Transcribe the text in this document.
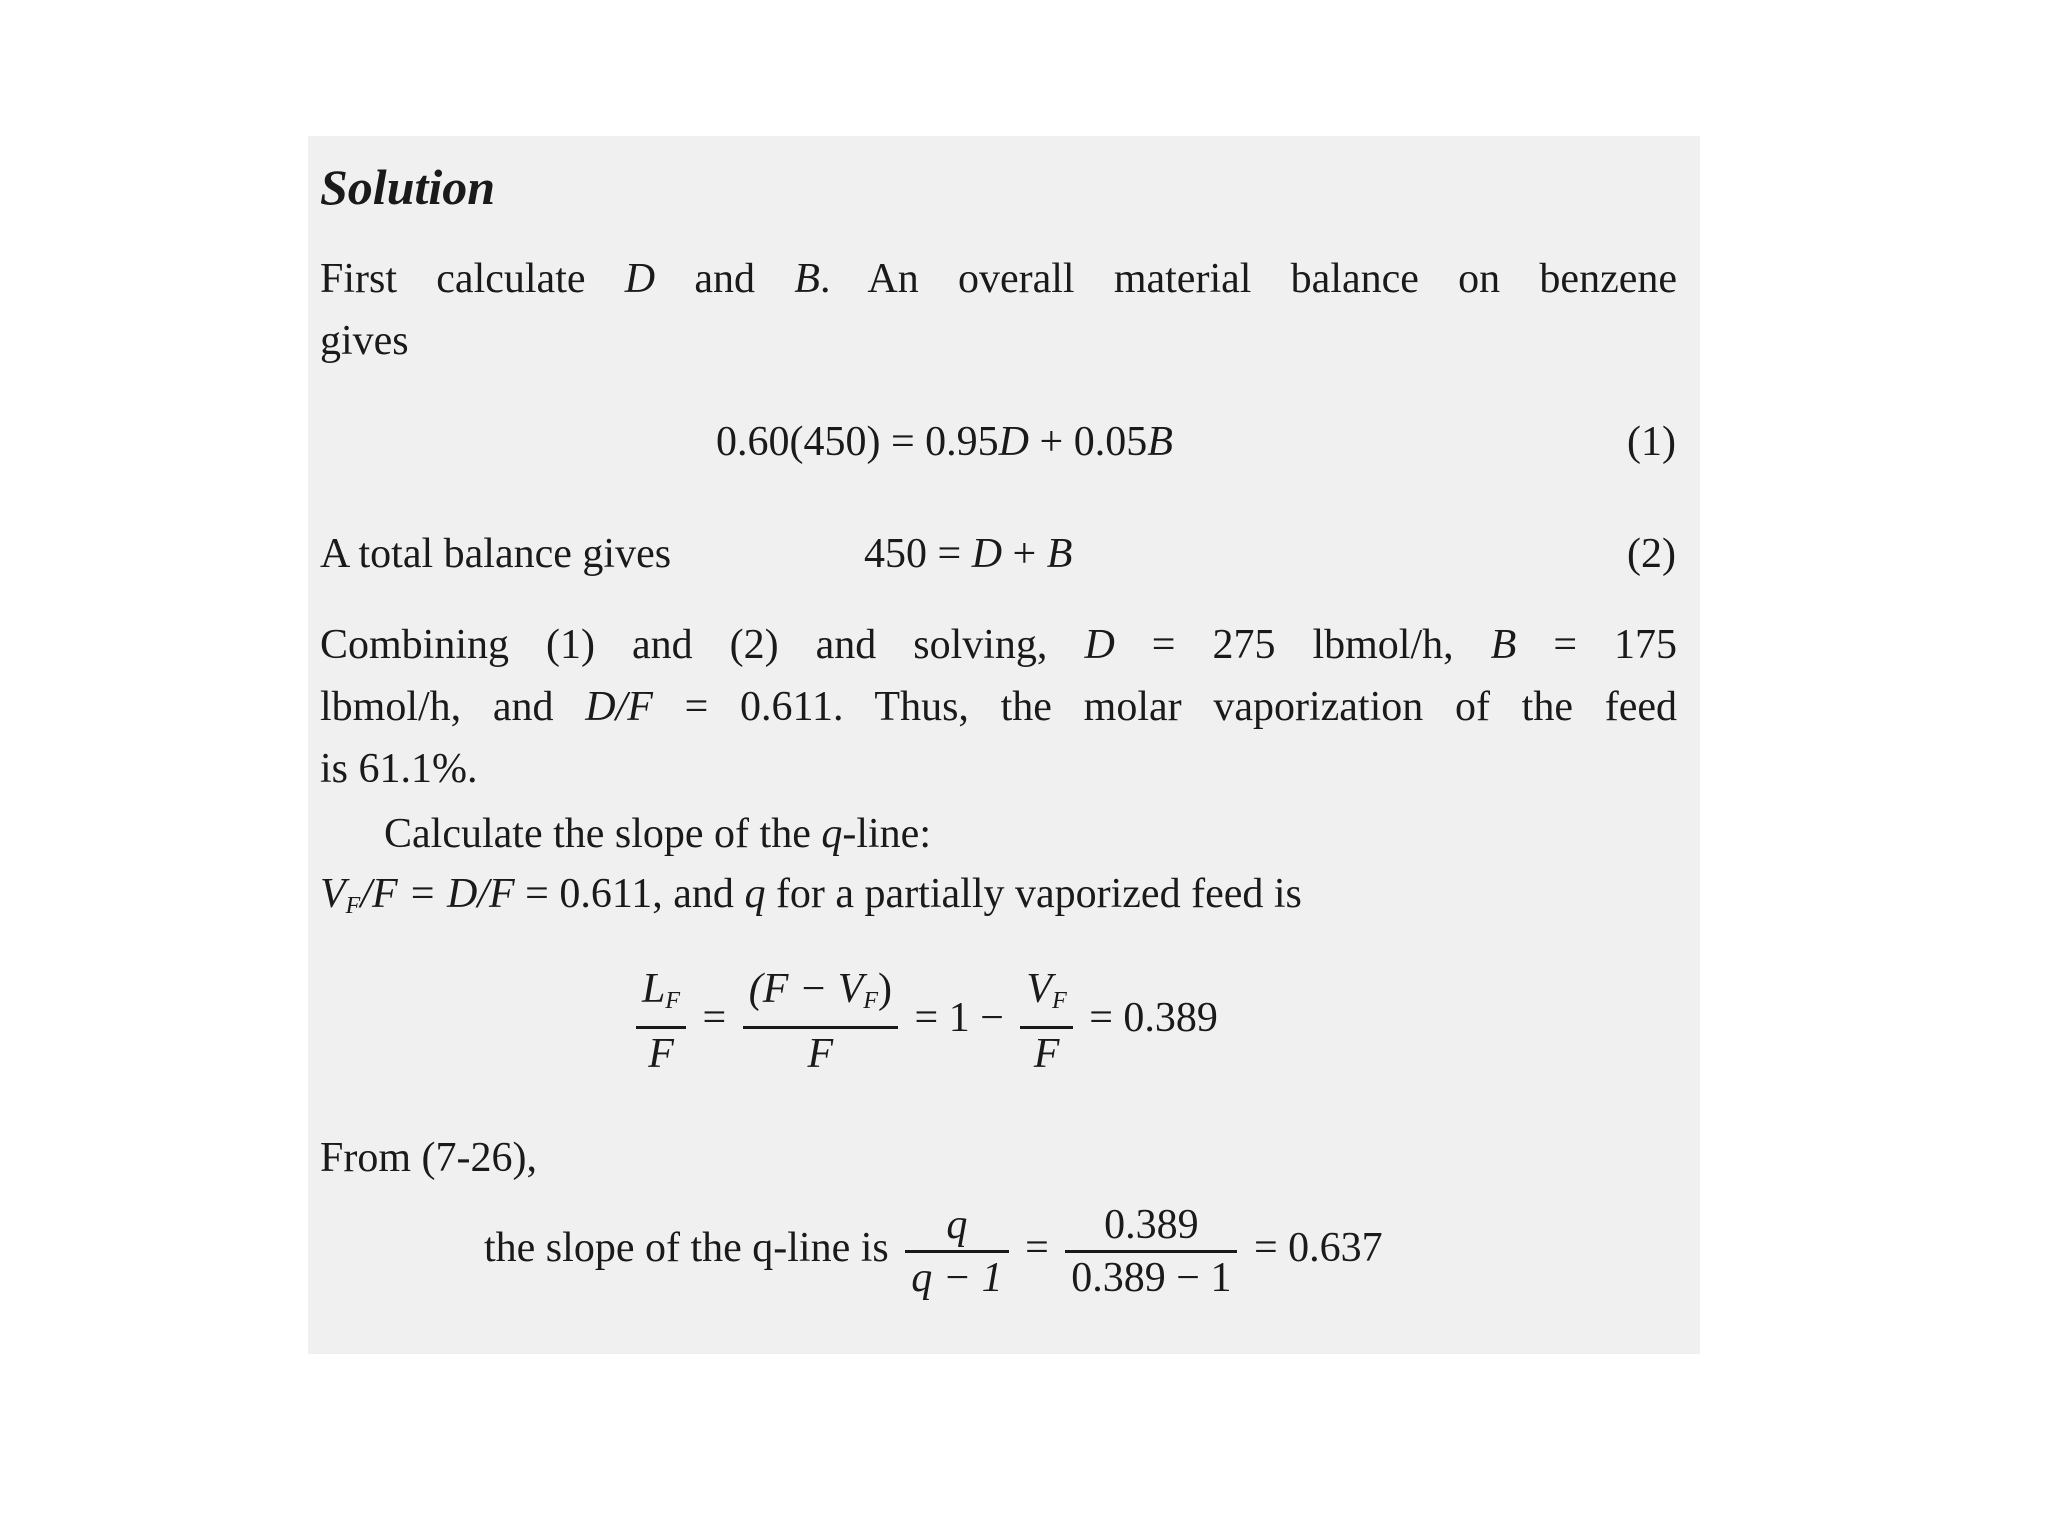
Solution
First calculate D and B. An overall material balance on benzene
gives
0.60(450) = 0.95D + 0.05B	(1)
A total balance gives	450 = D + B	(2)
Combining (1) and (2) and solving, D = 275 lbmol/h, B = 175
lbmol/h, and D/F = 0.611. Thus, the molar vaporization of the feed
is 61.1%.
Calculate the slope of the q-line:
$V_F/F = D/F = 0.611$, and q for a partially vaporized feed is
$\frac{L_F}{F} = \frac{(F - V_F)}{F} = 1 - \frac{V_F}{F} = 0.389$
From (7-26),
the slope of the q-line is $\frac{q}{q - 1} = \frac{0.389}{0.389 - 1} = 0.637$
